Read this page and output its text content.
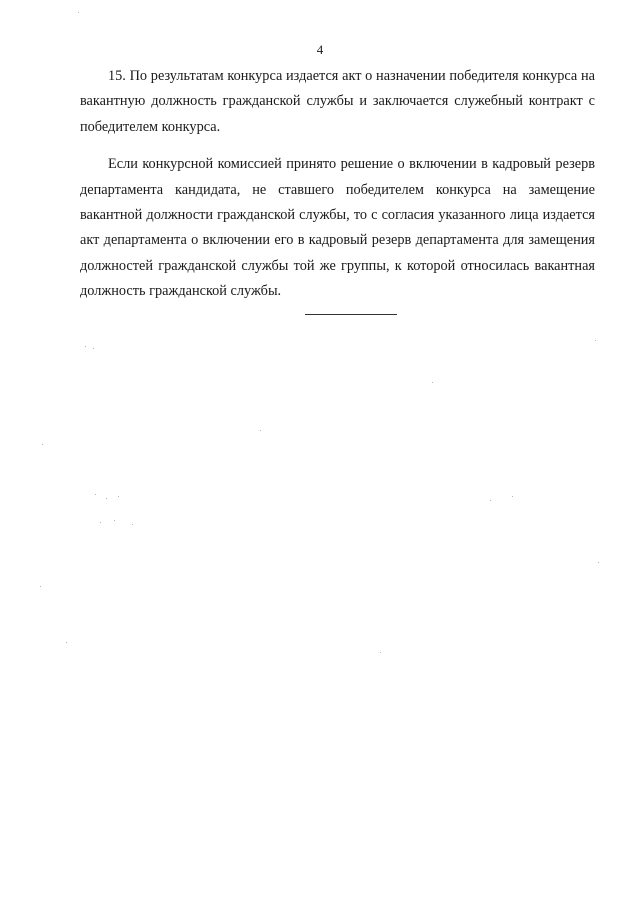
4

15. По результатам конкурса издается акт о назначении победителя конкурса на вакантную должность гражданской службы и заключается служебный контракт с победителем конкурса.

Если конкурсной комиссией принято решение о включении в кадровый резерв департамента кандидата, не ставшего победителем конкурса на замещение вакантной должности гражданской службы, то с согласия указанного лица издается акт департамента о включении его в кадровый резерв департамента для замещения должностей гражданской службы той же группы, к которой относилась вакантная должность гражданской службы.
